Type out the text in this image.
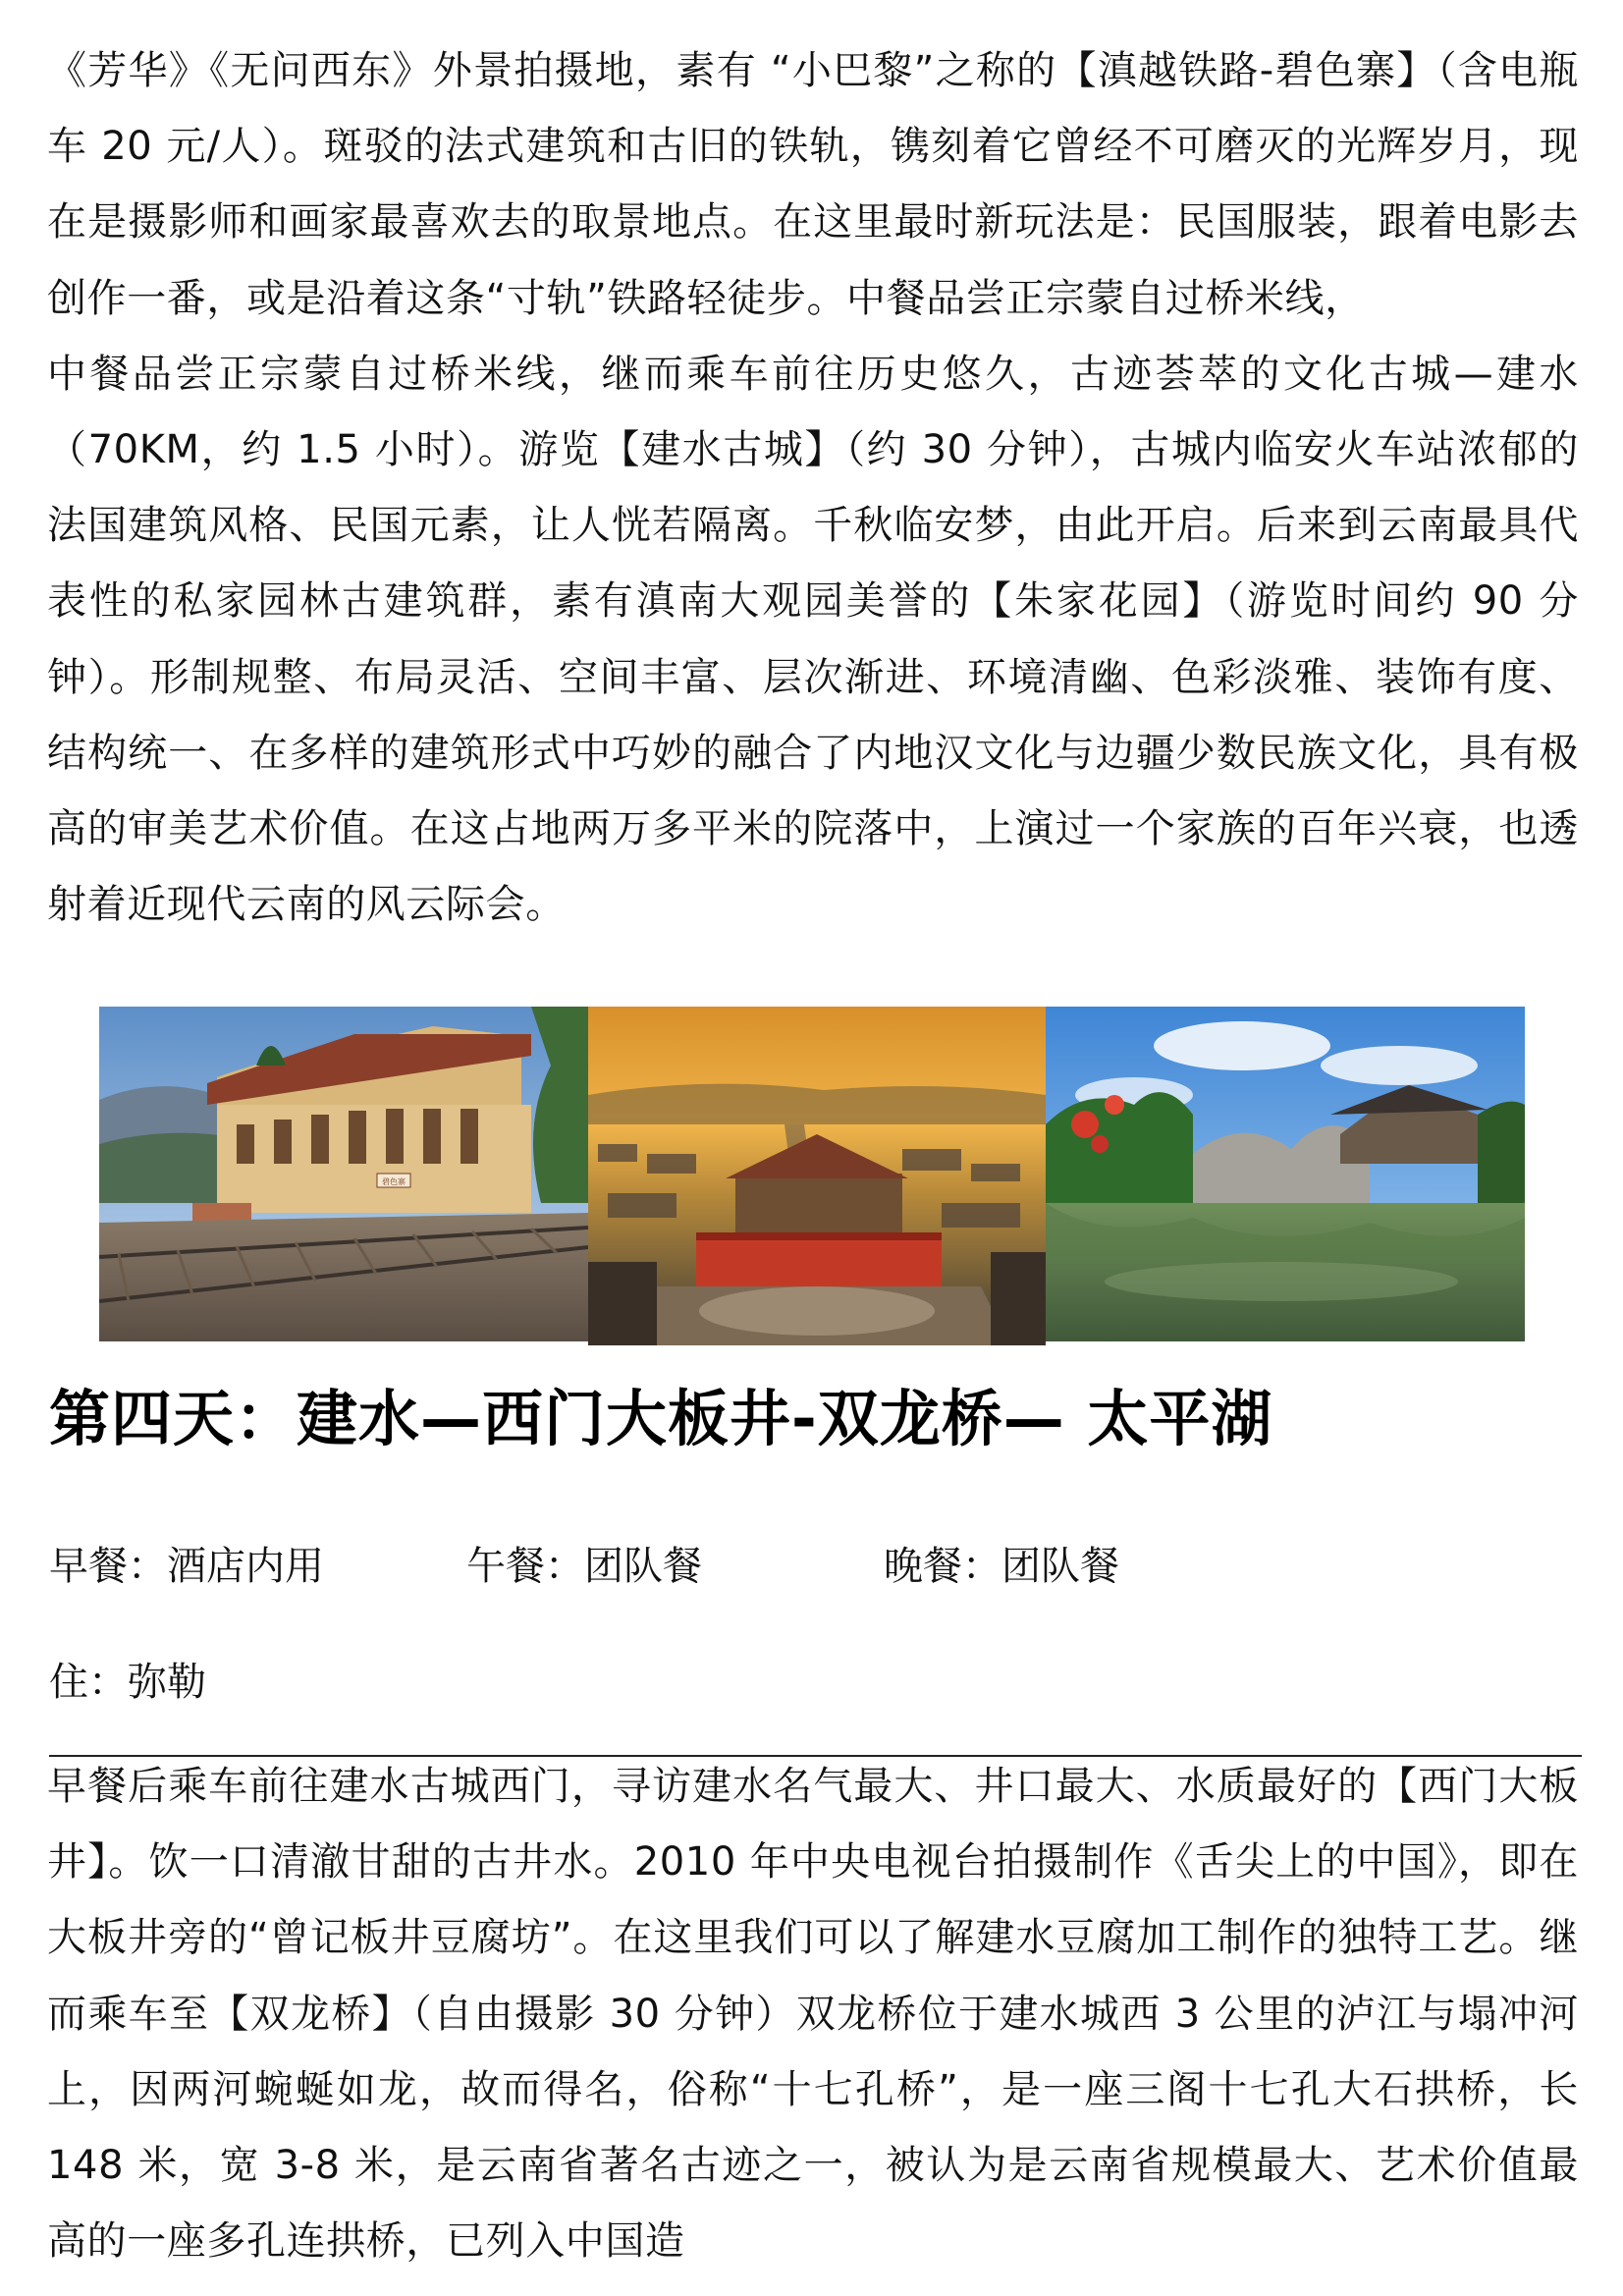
《芳华》《无问西东》外景拍摄地，素有 “小巴黎”之称的【滇越铁路-碧色寨】（含电瓶车 20 元/人）。斑驳的法式建筑和古旧的铁轨，镌刻着它曾经不可磨灭的光辉岁月，现在是摄影师和画家最喜欢去的取景地点。在这里最时新玩法是：民国服装，跟着电影去创作一番，或是沿着这条“寸轨”铁路轻徒步。中餐品尝正宗蒙自过桥米线，
中餐品尝正宗蒙自过桥米线，继而乘车前往历史悠久，古迹荟萃的文化古城—建水（70KM，约 1.5 小时）。游览【建水古城】（约 30 分钟），古城内临安火车站浓郁的法国建筑风格、民国元素，让人恍若隔离。千秋临安梦，由此开启。后来到云南最具代表性的私家园林古建筑群，素有滇南大观园美誉的【朱家花园】（游览时间约 90 分钟）。形制规整、布局灵活、空间丰富、层次渐进、环境清幽、色彩淡雅、装饰有度、结构统一、在多样的建筑形式中巧妙的融合了内地汉文化与边疆少数民族文化，具有极高的审美艺术价值。在这占地两万多平米的院落中，上演过一个家族的百年兴衰，也透射着近现代云南的风云际会。

碧色寨
第四天：建水—西门大板井-双龙桥— 太平湖
早餐：酒店内用	午餐：团队餐	晚餐：团队餐
住：弥勒

早餐后乘车前往建水古城西门，寻访建水名气最大、井口最大、水质最好的【西门大板井】。饮一口清澈甘甜的古井水。2010 年中央电视台拍摄制作《舌尖上的中国》，即在大板井旁的“曾记板井豆腐坊”。在这里我们可以了解建水豆腐加工制作的独特工艺。继而乘车至【双龙桥】（自由摄影 30 分钟）双龙桥位于建水城西 3 公里的泸江与塌冲河上，因两河蜿蜒如龙，故而得名，俗称“十七孔桥”，是一座三阁十七孔大石拱桥，长 148 米，宽 3-8 米，是云南省著名古迹之一，被认为是云南省规模最大、艺术价值最高的一座多孔连拱桥，已列入中国造
